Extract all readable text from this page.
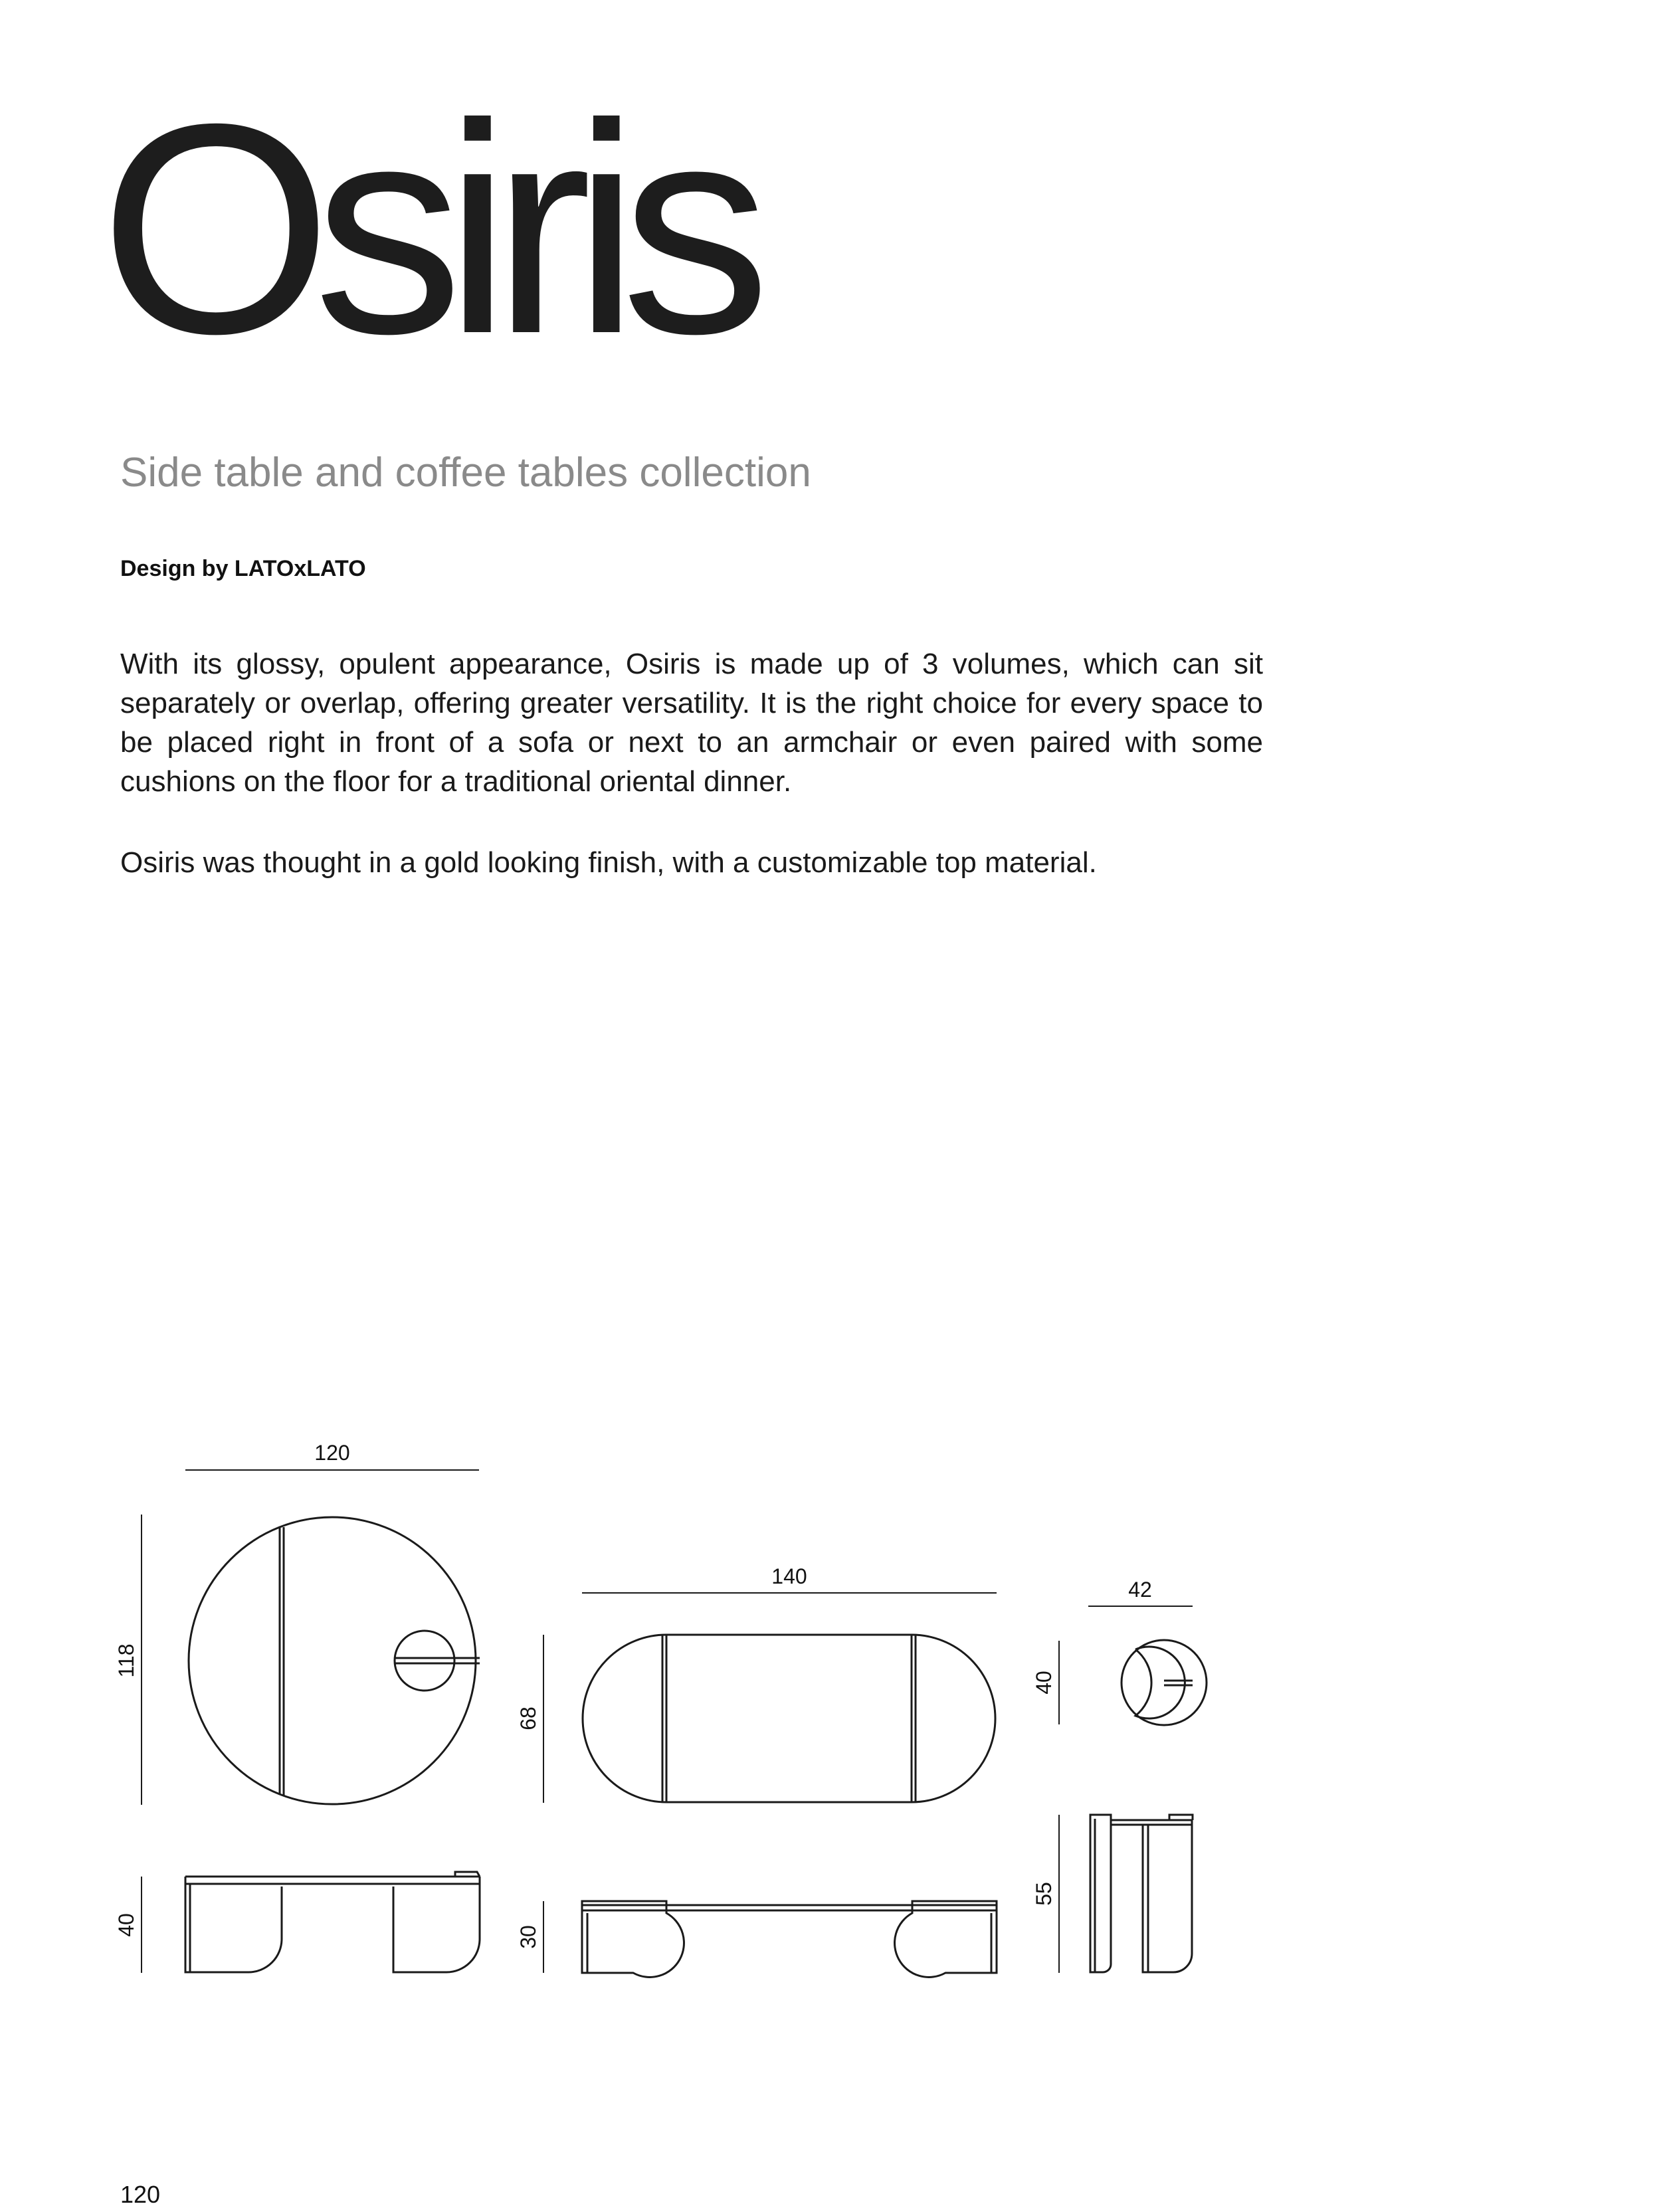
Osiris
Side table and coffee tables collection
Design by LATOxLATO

With its glossy, opulent appearance, Osiris is made up of 3 volumes, which can sit separately or overlap, offering greater versatility. It is the right choice for every space to be placed right in front of a sofa or next to an armchair or even paired with some cushions on the floor for a traditional oriental dinner.

Osiris was thought in a gold looking finish, with a customizable top material.

120
118
40
140
68
30
42
40
55
120
